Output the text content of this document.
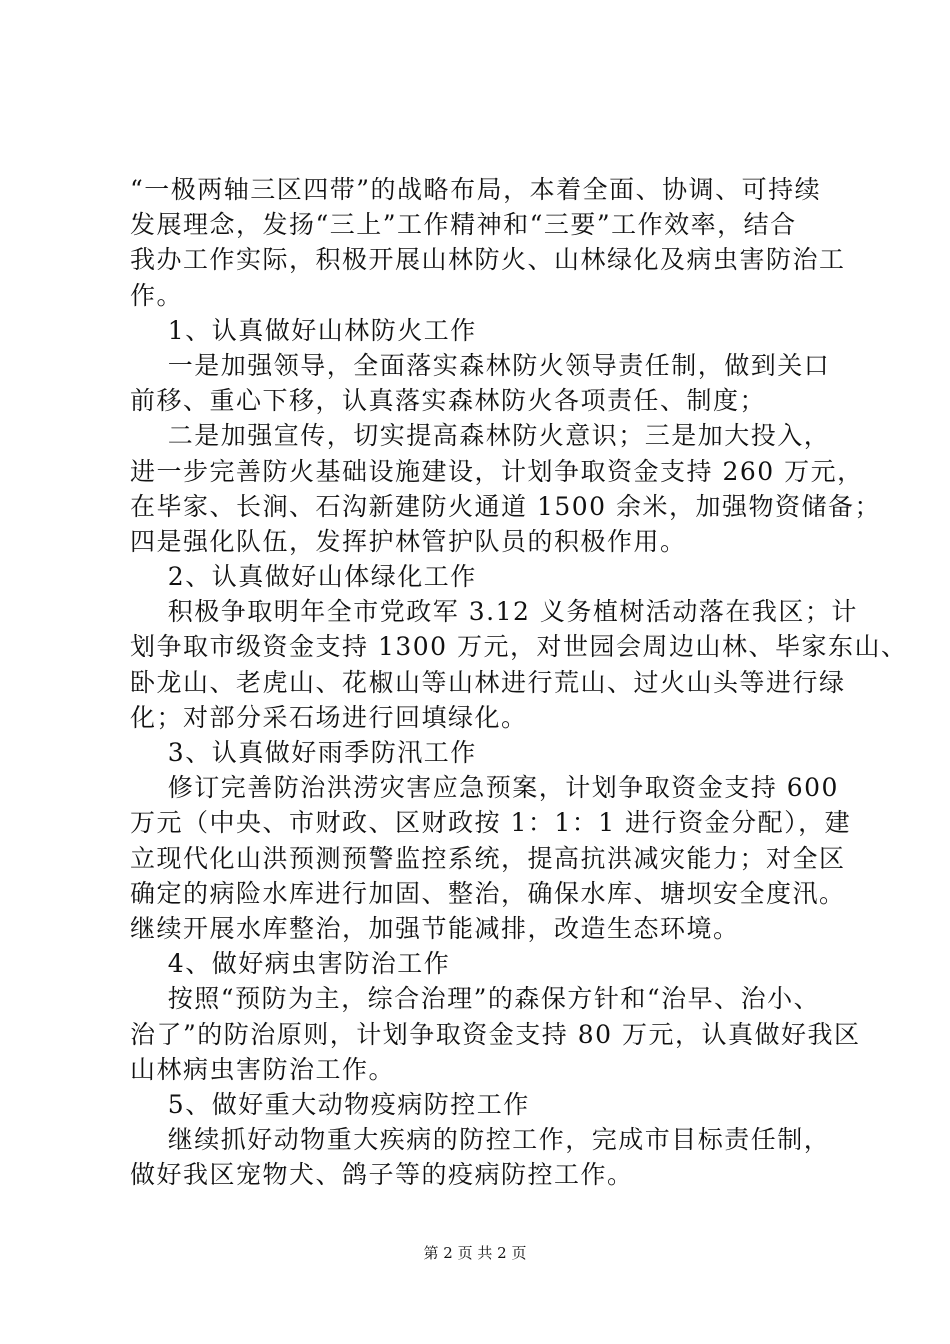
“一极两轴三区四带”的战略布局，本着全面、协调、可持续
发展理念，发扬“三上”工作精神和“三要”工作效率，结合
我办工作实际，积极开展山林防火、山林绿化及病虫害防治工
作。
1、认真做好山林防火工作
一是加强领导，全面落实森林防火领导责任制，做到关口
前移、重心下移，认真落实森林防火各项责任、制度；
二是加强宣传，切实提高森林防火意识；三是加大投入，
进一步完善防火基础设施建设，计划争取资金支持 260 万元，
在毕家、长涧、石沟新建防火通道 1500 余米，加强物资储备；
四是强化队伍，发挥护林管护队员的积极作用。
2、认真做好山体绿化工作
积极争取明年全市党政军 3.12 义务植树活动落在我区；计
划争取市级资金支持 1300 万元，对世园会周边山林、毕家东山、
卧龙山、老虎山、花椒山等山林进行荒山、过火山头等进行绿
化；对部分采石场进行回填绿化。
3、认真做好雨季防汛工作
修订完善防治洪涝灾害应急预案，计划争取资金支持 600
万元（中央、市财政、区财政按 1：1：1 进行资金分配），建
立现代化山洪预测预警监控系统，提高抗洪减灾能力；对全区
确定的病险水库进行加固、整治，确保水库、塘坝安全度汛。
继续开展水库整治，加强节能减排，改造生态环境。
4、做好病虫害防治工作
按照“预防为主，综合治理”的森保方针和“治早、治小、
治了”的防治原则，计划争取资金支持 80 万元，认真做好我区
山林病虫害防治工作。
5、做好重大动物疫病防控工作
继续抓好动物重大疾病的防控工作，完成市目标责任制，
做好我区宠物犬、鸽子等的疫病防控工作。
第 2 页 共 2 页
